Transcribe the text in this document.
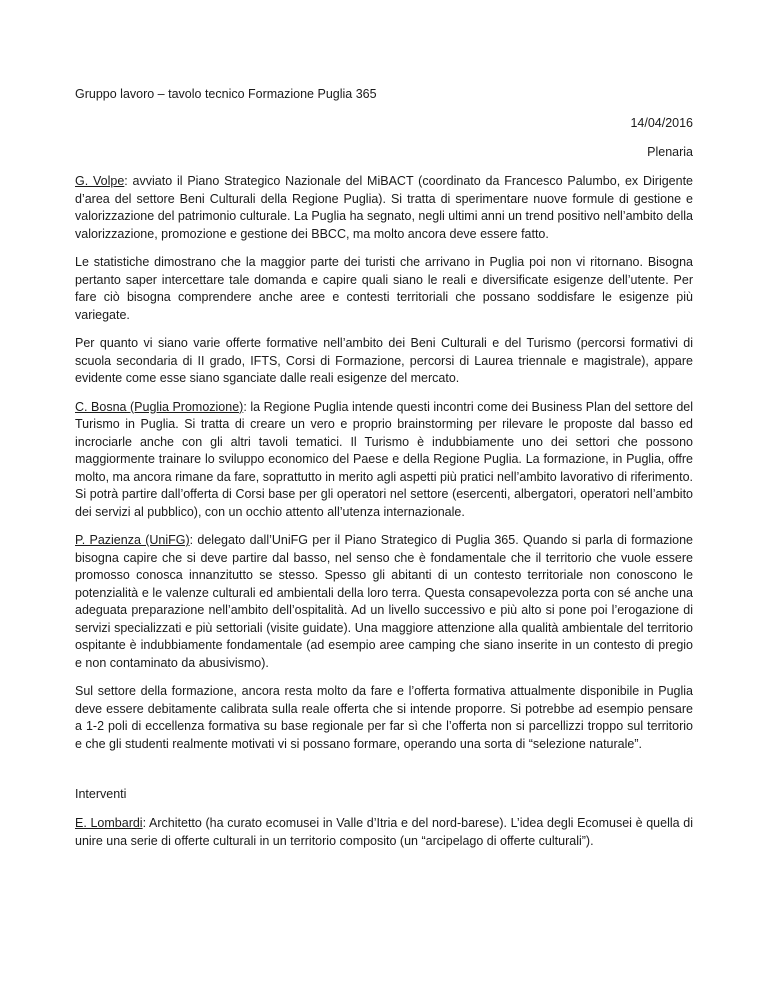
Gruppo lavoro – tavolo tecnico Formazione Puglia 365
14/04/2016
Plenaria

G. Volpe: avviato il Piano Strategico Nazionale del MiBACT (coordinato da Francesco Palumbo, ex Dirigente d’area del settore Beni Culturali della Regione Puglia). Si tratta di sperimentare nuove formule di gestione e valorizzazione del patrimonio culturale. La Puglia ha segnato, negli ultimi anni un trend positivo nell’ambito della valorizzazione, promozione e gestione dei BBCC, ma molto ancora deve essere fatto.

Le statistiche dimostrano che la maggior parte dei turisti che arrivano in Puglia poi non vi ritornano. Bisogna pertanto saper intercettare tale domanda e capire quali siano le reali e diversificate esigenze dell’utente. Per fare ciò bisogna comprendere anche aree e contesti territoriali che possano soddisfare le esigenze più variegate.

Per quanto vi siano varie offerte formative nell’ambito dei Beni Culturali e del Turismo (percorsi formativi di scuola secondaria di II grado, IFTS, Corsi di Formazione, percorsi di Laurea triennale e magistrale), appare evidente come esse siano sganciate dalle reali esigenze del mercato.

C. Bosna (Puglia Promozione): la Regione Puglia intende questi incontri come dei Business Plan del settore del Turismo in Puglia. Si tratta di creare un vero e proprio brainstorming per rilevare le proposte dal basso ed incrociarle anche con gli altri tavoli tematici. Il Turismo è indubbiamente uno dei settori che possono maggiormente trainare lo sviluppo economico del Paese e della Regione Puglia. La formazione, in Puglia, offre molto, ma ancora rimane da fare, soprattutto in merito agli aspetti più pratici nell’ambito lavorativo di riferimento. Si potrà partire dall’offerta di Corsi base per gli operatori nel settore (esercenti, albergatori, operatori nell’ambito dei servizi al pubblico), con un occhio attento all’utenza internazionale.

P. Pazienza (UniFG): delegato dall’UniFG per il Piano Strategico di Puglia 365. Quando si parla di formazione bisogna capire che si deve partire dal basso, nel senso che è fondamentale che il territorio che vuole essere promosso conosca innanzitutto se stesso. Spesso gli abitanti di un contesto territoriale non conoscono le potenzialità e le valenze culturali ed ambientali della loro terra. Questa consapevolezza porta con sé anche una adeguata preparazione nell’ambito dell’ospitalità. Ad un livello successivo e più alto si pone poi l’erogazione di servizi specializzati e più settoriali (visite guidate). Una maggiore attenzione alla qualità ambientale del territorio ospitante è indubbiamente fondamentale (ad esempio aree camping che siano inserite in un contesto di pregio e non contaminato da abusivismo).

Sul settore della formazione, ancora resta molto da fare e l’offerta formativa attualmente disponibile in Puglia deve essere debitamente calibrata sulla reale offerta che si intende proporre. Si potrebbe ad esempio pensare a 1-2 poli di eccellenza formativa su base regionale per far sì che l’offerta non si parcellizzi troppo sul territorio e che gli studenti realmente motivati vi si possano formare, operando una sorta di “selezione naturale”.

Interventi

E. Lombardi: Architetto (ha curato ecomusei in Valle d’Itria e del nord-barese). L’idea degli Ecomusei è quella di unire una serie di offerte culturali in un territorio composito (un “arcipelago di offerte culturali”).
